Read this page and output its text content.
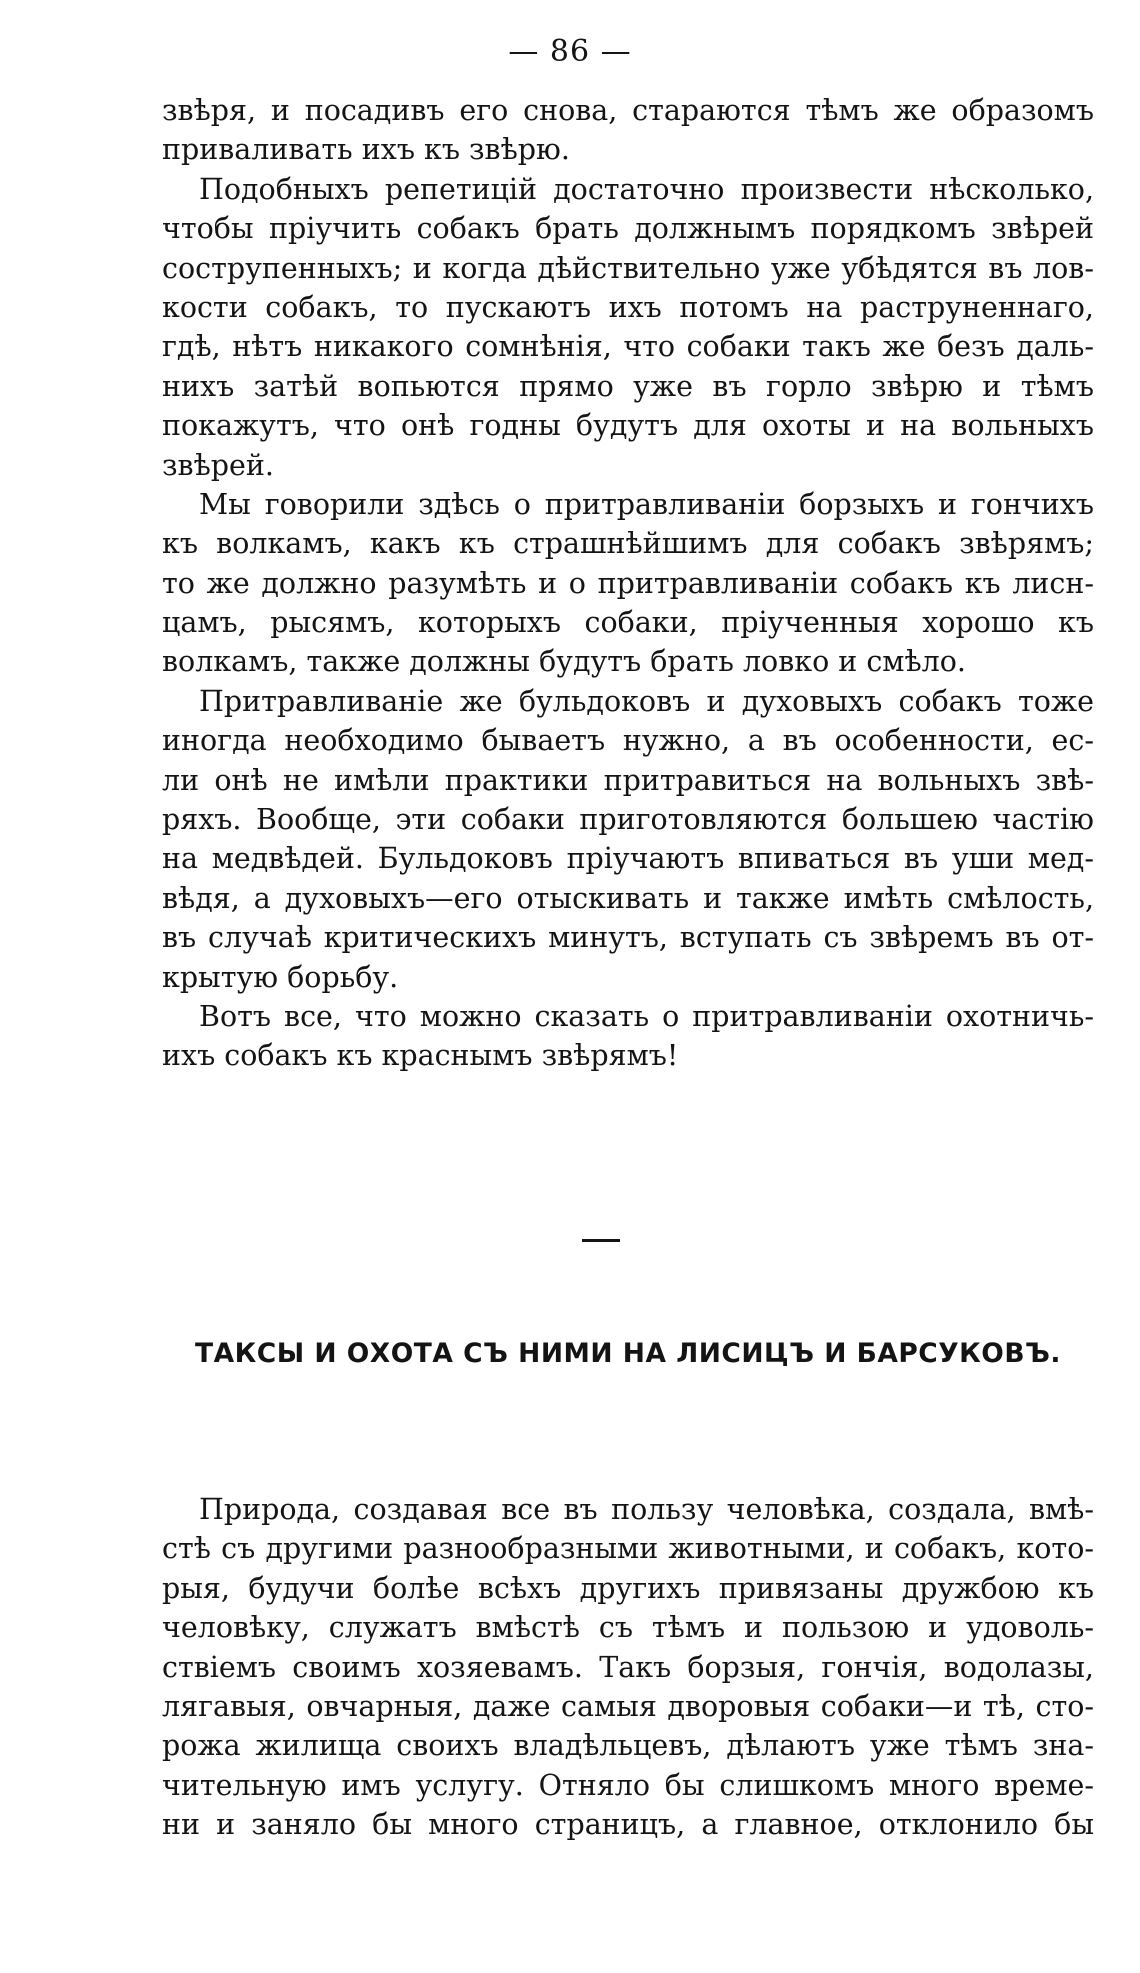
— 86 —
звѣря, и посадивъ его снова, стараются тѣмъ же образомъ
приваливать ихъ къ звѣрю.
Подобныхъ репетицій достаточно произвести нѣсколько,
чтобы пріучить собакъ брать должнымъ порядкомъ звѣрей
сострупенныхъ; и когда дѣйствительно уже убѣдятся въ лов-
кости собакъ, то пускаютъ ихъ потомъ на раструненнаго,
гдѣ, нѣтъ никакого сомнѣнія, что собаки такъ же безъ даль-
нихъ затѣй вопьются прямо уже въ горло звѣрю и тѣмъ
покажутъ, что онѣ годны будутъ для охоты и на вольныхъ
звѣрей.
Мы говорили здѣсь о притравливаніи борзыхъ и гончихъ
къ волкамъ, какъ къ страшнѣйшимъ для собакъ звѣрямъ;
то же должно разумѣть и о притравливаніи собакъ къ лисн-
цамъ, рысямъ, которыхъ собаки, пріученныя хорошо къ
волкамъ, также должны будутъ брать ловко и смѣло.
Притравливаніе же бульдоковъ и духовыхъ собакъ тоже
иногда необходимо бываетъ нужно, а въ особенности, ес-
ли онѣ не имѣли практики притравиться на вольныхъ звѣ-
ряхъ. Вообще, эти собаки приготовляются большею частію
на медвѣдей. Бульдоковъ пріучаютъ впиваться въ уши мед-
вѣдя, а духовыхъ—его отыскивать и также имѣть смѣлость,
въ случаѣ критическихъ минутъ, вступать съ звѣремъ въ от-
крытую борьбу.
Вотъ все, что можно сказать о притравливаніи охотничь-
ихъ собакъ къ краснымъ звѣрямъ!
ТАКСЫ И ОХОТА СЪ НИМИ НА ЛИСИЦЪ И БАРСУКОВЪ.
Природа, создавая все въ пользу человѣка, создала, вмѣ-
стѣ съ другими разнообразными животными, и собакъ, кото-
рыя, будучи болѣе всѣхъ другихъ привязаны дружбою къ
человѣку, служатъ вмѣстѣ съ тѣмъ и пользою и удоволь-
ствіемъ своимъ хозяевамъ. Такъ борзыя, гончія, водолазы,
лягавыя, овчарныя, даже самыя дворовыя собаки—и тѣ, сто-
рожа жилища своихъ владѣльцевъ, дѣлаютъ уже тѣмъ зна-
чительную имъ услугу. Отняло бы слишкомъ много време-
ни и заняло бы много страницъ, а главное, отклонило бы
